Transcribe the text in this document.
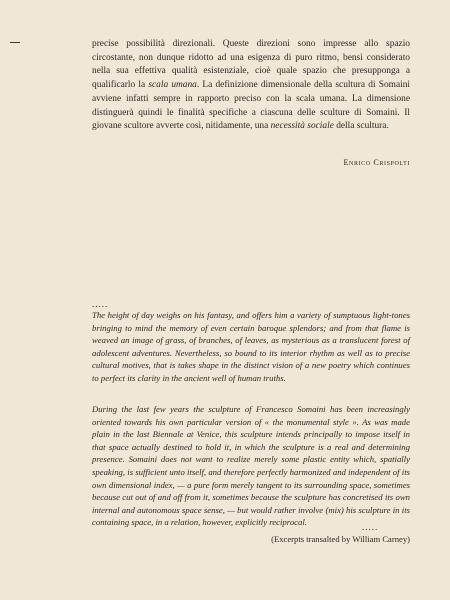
precise possibilità direzionali. Queste direzioni sono impresse allo spazio circostante, non dunque ridotto ad una esigenza di puro ritmo, bensì considerato nella sua effettiva qualità esistenziale, cioè quale spazio che presupponga a qualificarlo la scala umana. La definizione dimensionale della scultura di Somaini avviene infatti sempre in rapporto preciso con la scala umana. La dimensione distinguerà quindi le finalità specifiche a ciascuna delle sculture di Somaini. Il giovane scultore avverte così, nitidamente, una necessità sociale della scultura.

Enrico Crispolti
.....
The height of day weighs on his fantasy, and offers him a variety of sumptuous light-tones bringing to mind the memory of even certain baroque splendors; and from that flame is weaved an image of grass, of branches, of leaves, as mysterious as a translucent forest of adolescent adventures. Nevertheless, so bound to its interior rhythm as well as to precise cultural motives, that is takes shape in the distinct vision of a new poetry which continues to perfect its clarity in the ancient well of human truths.
During the last few years the sculpture of Francesco Somaini has been increasingly oriented towards his own particular version of « the monumental style ». As was made plain in the last Biennale at Venice, this sculpture intends principally to impose itself in that space actually destined to hold it, in which the sculpture is a real and determining presence. Somaini does not want to realize merely some plastic entity which, spatially speaking, is sufficient unto itself, and therefore perfectly harmonized and independent of its own dimensional index, — a pure form merely tangent to its surrounding space, sometimes because cut out of and off from it, sometimes because the sculpture has concretised its own internal and autonomous space sense, — but would rather involve (mix) his sculpture in its containing space, in a relation, however, explicitly reciprocal.	.....
(Excerpts transalted by William Carney)
